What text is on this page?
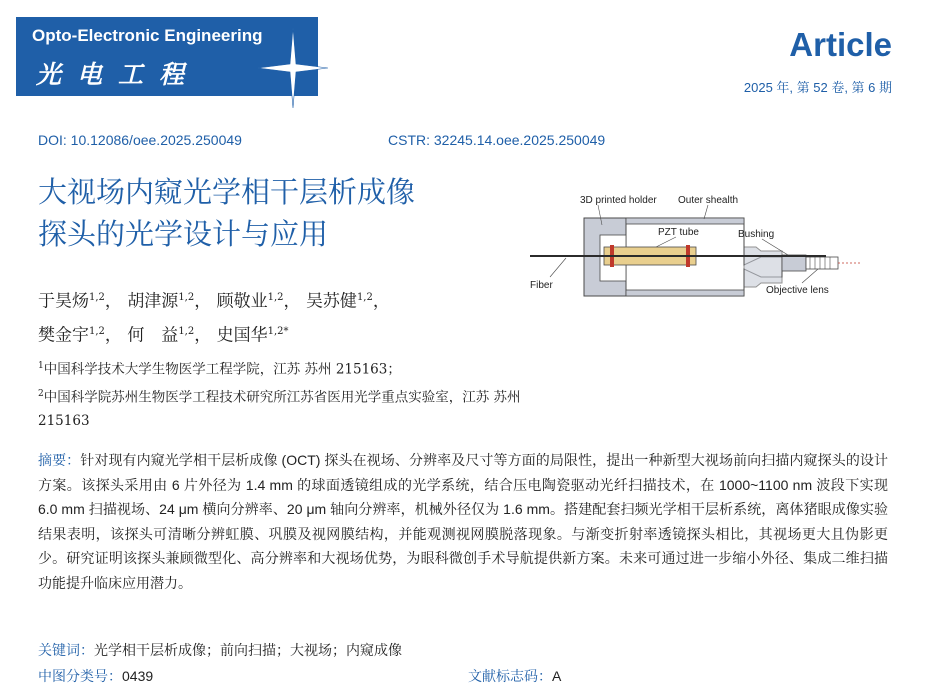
Opto-Electronic Engineering
光电工程
Article
2025 年, 第 52 卷, 第 6 期
DOI: 10.12086/oee.2025.250049	CSTR: 32245.14.oee.2025.250049
大视场内窥光学相干层析成像
探头的光学设计与应用
于昊炀$^{1,2}$， 胡津源$^{1,2}$， 顾敬业$^{1,2}$， 吴苏健$^{1,2}$，
樊金宇$^{1,2}$， 何　益$^{1,2}$， 史国华$^{1,2*}$
$^1$中国科学技术大学生物医学工程学院，江苏 苏州 215163；
$^2$中国科学院苏州生物医学工程技术研究所江苏省医用光学重点实验室，江苏 苏州 215163
3D printed holder Outer shealth
PZT tube	Bushing
Fiber	Objective lens
摘要：针对现有内窥光学相干层析成像 (OCT) 探头在视场、分辨率及尺寸等方面的局限性，提出一种新型大视场前向扫描内窥探头的设计方案。该探头采用由 6 片外径为 1.4 mm 的球面透镜组成的光学系统，结合压电陶瓷驱动光纤扫描技术，在 1000~1100 nm 波段下实现 6.0 mm 扫描视场、24 μm 横向分辨率、20 μm 轴向分辨率，机械外径仅为 1.6 mm。搭建配套扫频光学相干层析系统，离体猪眼成像实验结果表明，该探头可清晰分辨虹膜、巩膜及视网膜结构，并能观测视网膜脱落现象。与渐变折射率透镜探头相比，其视场更大且伪影更少。研究证明该探头兼顾微型化、高分辨率和大视场优势，为眼科微创手术导航提供新方案。未来可通过进一步缩小外径、集成二维扫描功能提升临床应用潜力。
关键词：光学相干层析成像；前向扫描；大视场；内窥成像
中图分类号：0439	文献标志码：A
